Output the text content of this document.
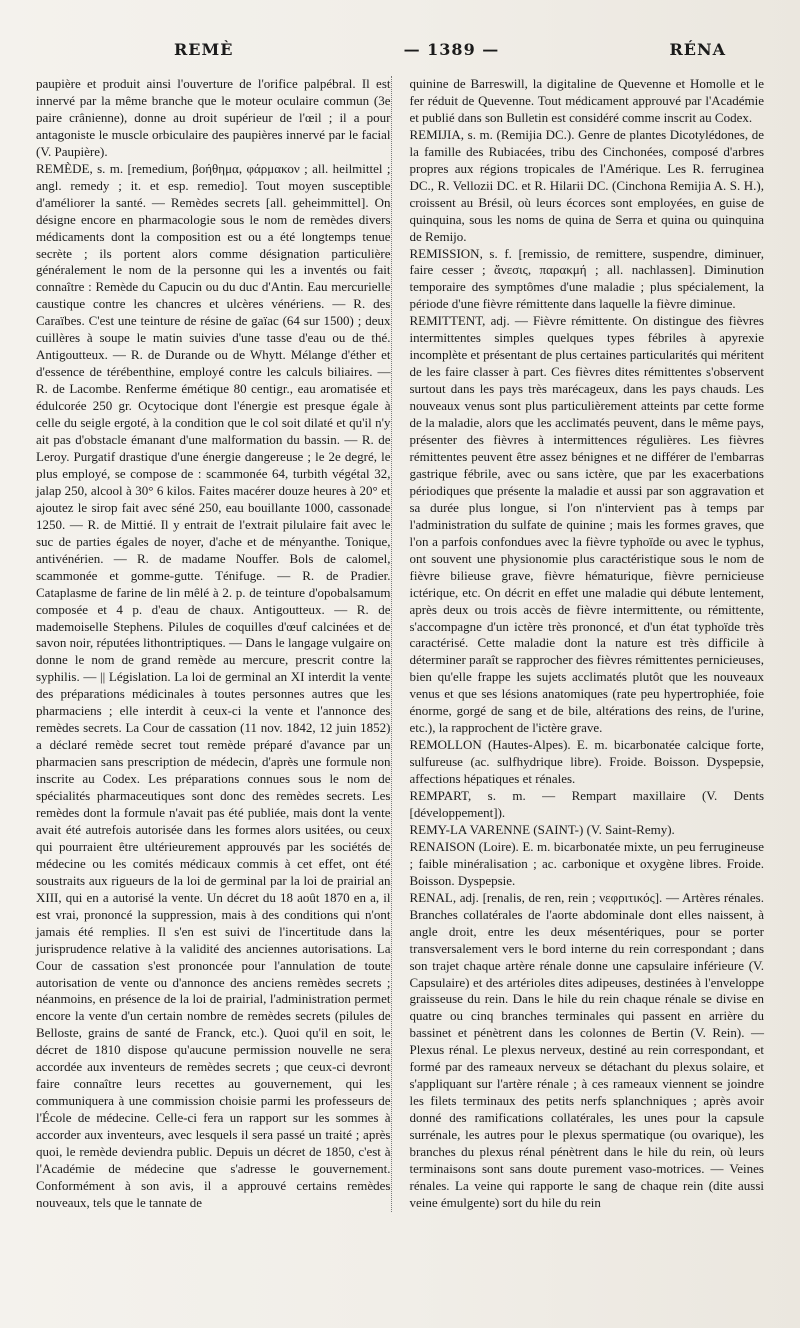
REMÈ	— 1389 —	RÉNA

paupière et produit ainsi l'ouverture de l'orifice palpébral. Il est innervé par la même branche que le moteur oculaire commun (3e paire crânienne), donne au droit supérieur de l'œil ; il a pour antagoniste le muscle orbiculaire des paupières innervé par le facial (V. Paupière).

REMÈDE, s. m. [remedium, βοήθημα, φάρμακον ; all. heilmittel ; angl. remedy ; it. et esp. remedio]. Tout moyen susceptible d'améliorer la santé. — Remèdes secrets [all. geheimmittel]. On désigne encore en pharmacologie sous le nom de remèdes divers médicaments dont la composition est ou a été longtemps tenue secrète ; ils portent alors comme désignation particulière généralement le nom de la personne qui les a inventés ou fait connaître : Remède du Capucin ou du duc d'Antin. Eau mercurielle caustique contre les chancres et ulcères vénériens. — R. des Caraïbes. C'est une teinture de résine de gaïac (64 sur 1500) ; deux cuillères à soupe le matin suivies d'une tasse d'eau ou de thé. Antigoutteux. — R. de Durande ou de Whytt. Mélange d'éther et d'essence de térébenthine, employé contre les calculs biliaires. — R. de Lacombe. Renferme émétique 80 centigr., eau aromatisée et édulcorée 250 gr. Ocytocique dont l'énergie est presque égale à celle du seigle ergoté, à la condition que le col soit dilaté et qu'il n'y ait pas d'obstacle émanant d'une malformation du bassin. — R. de Leroy. Purgatif drastique d'une énergie dangereuse ; le 2e degré, le plus employé, se compose de : scammonée 64, turbith végétal 32, jalap 250, alcool à 30° 6 kilos. Faites macérer douze heures à 20° et ajoutez le sirop fait avec séné 250, eau bouillante 1000, cassonade 1250. — R. de Mittié. Il y entrait de l'extrait pilulaire fait avec le suc de parties égales de noyer, d'ache et de ményanthe. Tonique, antivénérien. — R. de madame Nouffer. Bols de calomel, scammonée et gomme-gutte. Ténifuge. — R. de Pradier. Cataplasme de farine de lin mêlé à 2. p. de teinture d'opobalsamum composée et 4 p. d'eau de chaux. Antigoutteux. — R. de mademoiselle Stephens. Pilules de coquilles d'œuf calcinées et de savon noir, réputées lithontriptiques. — Dans le langage vulgaire on donne le nom de grand remède au mercure, prescrit contre la syphilis. — || Législation. La loi de germinal an XI interdit la vente des préparations médicinales à toutes personnes autres que les pharmaciens ; elle interdit à ceux-ci la vente et l'annonce des remèdes secrets. La Cour de cassation (11 nov. 1842, 12 juin 1852) a déclaré remède secret tout remède préparé d'avance par un pharmacien sans prescription de médecin, d'après une formule non inscrite au Codex. Les préparations connues sous le nom de spécialités pharmaceutiques sont donc des remèdes secrets. Les remèdes dont la formule n'avait pas été publiée, mais dont la vente avait été autrefois autorisée dans les formes alors usitées, ou ceux qui pourraient être ultérieurement approuvés par les sociétés de médecine ou les comités médicaux commis à cet effet, ont été soustraits aux rigueurs de la loi de germinal par la loi de prairial an XIII, qui en a autorisé la vente. Un décret du 18 août 1870 en a, il est vrai, prononcé la suppression, mais à des conditions qui n'ont jamais été remplies. Il s'en est suivi de l'incertitude dans la jurisprudence relative à la validité des anciennes autorisations. La Cour de cassation s'est prononcée pour l'annulation de toute autorisation de vente ou d'annonce des anciens remèdes secrets ; néanmoins, en présence de la loi de prairial, l'administration permet encore la vente d'un certain nombre de remèdes secrets (pilules de Belloste, grains de santé de Franck, etc.). Quoi qu'il en soit, le décret de 1810 dispose qu'aucune permission nouvelle ne sera accordée aux inventeurs de remèdes secrets ; que ceux-ci devront faire connaître leurs recettes au gouvernement, qui les communiquera à une commission choisie parmi les professeurs de l'École de médecine. Celle-ci fera un rapport sur les sommes à accorder aux inventeurs, avec lesquels il sera passé un traité ; après quoi, le remède deviendra public. Depuis un décret de 1850, c'est à l'Académie de médecine que s'adresse le gouvernement. Conformément à son avis, il a approuvé certains remèdes nouveaux, tels que le tannate de

quinine de Barreswill, la digitaline de Quevenne et Homolle et le fer réduit de Quevenne. Tout médicament approuvé par l'Académie et publié dans son Bulletin est considéré comme inscrit au Codex.

REMIJIA, s. m. (Remijia DC.). Genre de plantes Dicotylédones, de la famille des Rubiacées, tribu des Cinchonées, composé d'arbres propres aux régions tropicales de l'Amérique. Les R. ferruginea DC., R. Vellozii DC. et R. Hilarii DC. (Cinchona Remijia A. S. H.), croissent au Brésil, où leurs écorces sont employées, en guise de quinquina, sous les noms de quina de Serra et quina ou quinquina de Remijo.

REMISSION, s. f. [remissio, de remittere, suspendre, diminuer, faire cesser ; ἄνεσις, παρακμή ; all. nachlassen]. Diminution temporaire des symptômes d'une maladie ; plus spécialement, la période d'une fièvre rémittente dans laquelle la fièvre diminue.

REMITTENT, adj. — Fièvre rémittente. On distingue des fièvres intermittentes simples quelques types fébriles à apyrexie incomplète et présentant de plus certaines particularités qui méritent de les faire classer à part. Ces fièvres dites rémittentes s'observent surtout dans les pays très marécageux, dans les pays chauds. Les nouveaux venus sont plus particulièrement atteints par cette forme de la maladie, alors que les acclimatés peuvent, dans le même pays, présenter des fièvres à intermittences régulières. Les fièvres rémittentes peuvent être assez bénignes et ne différer de l'embarras gastrique fébrile, avec ou sans ictère, que par les exacerbations périodiques que présente la maladie et aussi par son aggravation et sa durée plus longue, si l'on n'intervient pas à temps par l'administration du sulfate de quinine ; mais les formes graves, que l'on a parfois confondues avec la fièvre typhoïde ou avec le typhus, ont souvent une physionomie plus caractéristique sous le nom de fièvre bilieuse grave, fièvre hématurique, fièvre pernicieuse ictérique, etc. On décrit en effet une maladie qui débute lentement, après deux ou trois accès de fièvre intermittente, ou rémittente, s'accompagne d'un ictère très prononcé, et d'un état typhoïde très caractérisé. Cette maladie dont la nature est très difficile à déterminer paraît se rapprocher des fièvres rémittentes pernicieuses, bien qu'elle frappe les sujets acclimatés plutôt que les nouveaux venus et que ses lésions anatomiques (rate peu hypertrophiée, foie énorme, gorgé de sang et de bile, altérations des reins, de l'urine, etc.), la rapprochent de l'ictère grave.

REMOLLON (Hautes-Alpes). E. m. bicarbonatée calcique forte, sulfureuse (ac. sulfhydrique libre). Froide. Boisson. Dyspepsie, affections hépatiques et rénales.

REMPART, s. m. — Rempart maxillaire (V. Dents [développement]).

REMY-LA VARENNE (SAINT-) (V. Saint-Remy).

RENAISON (Loire). E. m. bicarbonatée mixte, un peu ferrugineuse ; faible minéralisation ; ac. carbonique et oxygène libres. Froide. Boisson. Dyspepsie.

RENAL, adj. [renalis, de ren, rein ; νεφριτικός]. — Artères rénales. Branches collatérales de l'aorte abdominale dont elles naissent, à angle droit, entre les deux mésentériques, pour se porter transversalement vers le bord interne du rein correspondant ; dans son trajet chaque artère rénale donne une capsulaire inférieure (V. Capsulaire) et des artérioles dites adipeuses, destinées à l'enveloppe graisseuse du rein. Dans le hile du rein chaque rénale se divise en quatre ou cinq branches terminales qui passent en arrière du bassinet et pénètrent dans les colonnes de Bertin (V. Rein). — Plexus rénal. Le plexus nerveux, destiné au rein correspondant, et formé par des rameaux nerveux se détachant du plexus solaire, et s'appliquant sur l'artère rénale ; à ces rameaux viennent se joindre les filets terminaux des petits nerfs splanchniques ; après avoir donné des ramifications collatérales, les unes pour la capsule surrénale, les autres pour le plexus spermatique (ou ovarique), les branches du plexus rénal pénètrent dans le hile du rein, où leurs terminaisons sont sans doute purement vaso-motrices. — Veines rénales. La veine qui rapporte le sang de chaque rein (dite aussi veine émulgente) sort du hile du rein
